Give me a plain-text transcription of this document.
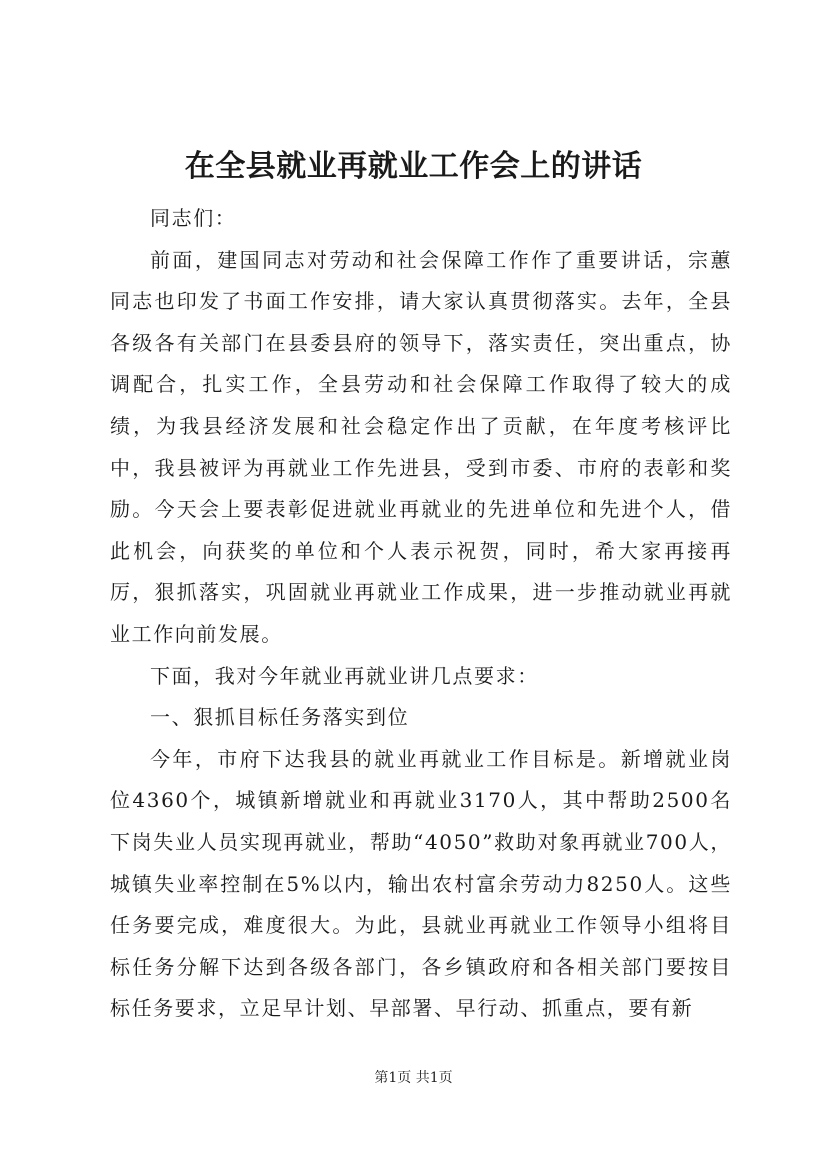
在全县就业再就业工作会上的讲话

同志们：

前面，建国同志对劳动和社会保障工作作了重要讲话，宗蕙同志也印发了书面工作安排，请大家认真贯彻落实。去年，全县各级各有关部门在县委县府的领导下，落实责任，突出重点，协调配合，扎实工作，全县劳动和社会保障工作取得了较大的成绩，为我县经济发展和社会稳定作出了贡献，在年度考核评比中，我县被评为再就业工作先进县，受到市委、市府的表彰和奖励。今天会上要表彰促进就业再就业的先进单位和先进个人，借此机会，向获奖的单位和个人表示祝贺，同时，希大家再接再厉，狠抓落实，巩固就业再就业工作成果，进一步推动就业再就业工作向前发展。

下面，我对今年就业再就业讲几点要求：

一、狠抓目标任务落实到位

今年，市府下达我县的就业再就业工作目标是。新增就业岗位4360个，城镇新增就业和再就业3170人，其中帮助2500名下岗失业人员实现再就业，帮助“4050”救助对象再就业700人，城镇失业率控制在5%以内，输出农村富余劳动力8250人。这些任务要完成，难度很大。为此，县就业再就业工作领导小组将目标任务分解下达到各级各部门，各乡镇政府和各相关部门要按目标任务要求，立足早计划、早部署、早行动、抓重点，要有新

第1页 共1页
